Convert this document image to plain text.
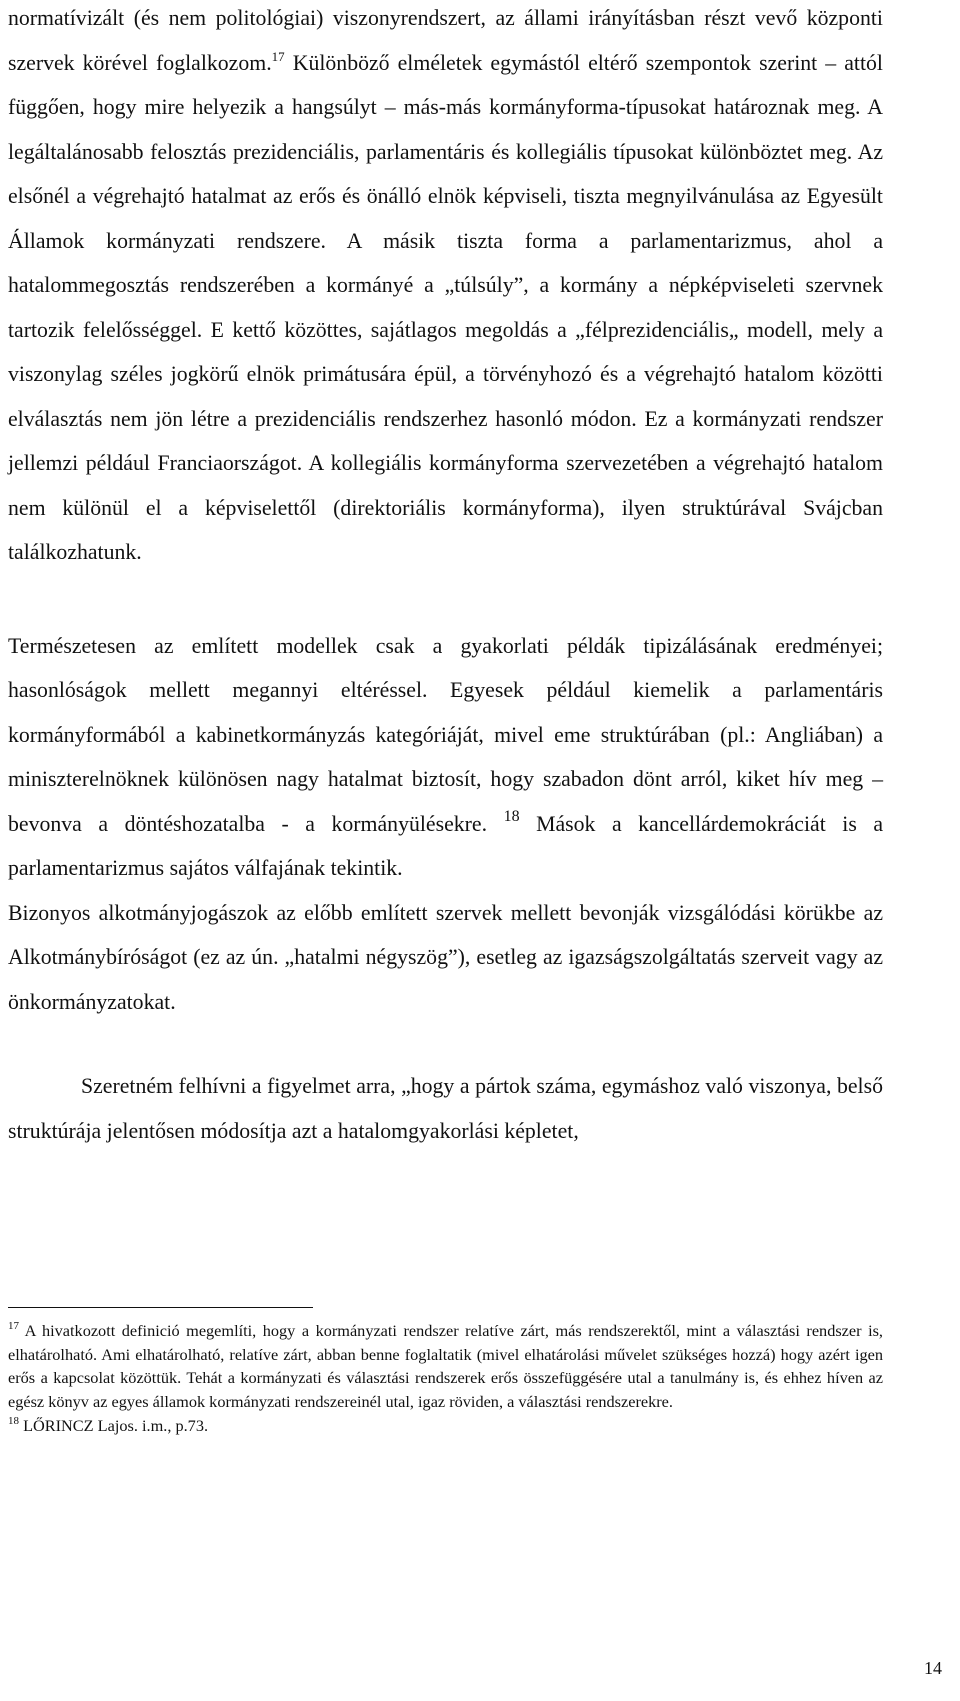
normatívizált (és nem politológiai) viszonyrendszert, az állami irányításban részt vevő központi szervek körével foglalkozom.$^{17}$ Különböző elméletek egymástól eltérő szempontok szerint – attól függően, hogy mire helyezik a hangsúlyt – más-más kormányforma-típusokat határoznak meg. A legáltalánosabb felosztás prezidenciális, parlamentáris és kollegiális típusokat különböztet meg. Az elsőnél a végrehajtó hatalmat az erős és önálló elnök képviseli, tiszta megnyilvánulása az Egyesült Államok kormányzati rendszere. A másik tiszta forma a parlamentarizmus, ahol a hatalommegosztás rendszerében a kormányé a „túlsúly”, a kormány a népképviseleti szervnek tartozik felelősséggel. E kettő közöttes, sajátlagos megoldás a „félprezidenciális„ modell, mely a viszonylag széles jogkörű elnök primátusára épül, a törvényhozó és a végrehajtó hatalom közötti elválasztás nem jön létre a prezidenciális rendszerhez hasonló módon. Ez a kormányzati rendszer jellemzi például Franciaországot. A kollegiális kormányforma szervezetében a végrehajtó hatalom nem különül el a képviselettől (direktoriális kormányforma), ilyen struktúrával Svájcban találkozhatunk.

Természetesen az említett modellek csak a gyakorlati példák tipizálásának eredményei; hasonlóságok mellett megannyi eltéréssel. Egyesek például kiemelik a parlamentáris kormányformából a kabinetkormányzás kategóriáját, mivel eme struktúrában (pl.: Angliában) a miniszterelnöknek különösen nagy hatalmat biztosít, hogy szabadon dönt arról, kiket hív meg – bevonva a döntéshozatalba - a kormányülésekre. $^{18}$ Mások a kancellárdemokráciát is a parlamentarizmus sajátos válfajának tekintik.

Bizonyos alkotmányjogászok az előbb említett szervek mellett bevonják vizsgálódási körükbe az Alkotmánybíróságot (ez az ún. „hatalmi négyszög”), esetleg az igazságszolgáltatás szerveit vagy az önkormányzatokat.

Szeretném felhívni a figyelmet arra, „hogy a pártok száma, egymáshoz való viszonya, belső struktúrája jelentősen módosítja azt a hatalomgyakorlási képletet,

$^{17}$ A hivatkozott definició megemlíti, hogy a kormányzati rendszer relatíve zárt, más rendszerektől, mint a választási rendszer is, elhatárolható. Ami elhatárolható, relatíve zárt, abban benne foglaltatik (mivel elhatárolási művelet szükséges hozzá) hogy azért igen erős a kapcsolat közöttük. Tehát a kormányzati és választási rendszerek erős összefüggésére utal a tanulmány is, és ehhez híven az egész könyv az egyes államok kormányzati rendszereinél utal, igaz röviden, a választási rendszerekre.

$^{18}$ LŐRINCZ Lajos. i.m., p.73.

14
